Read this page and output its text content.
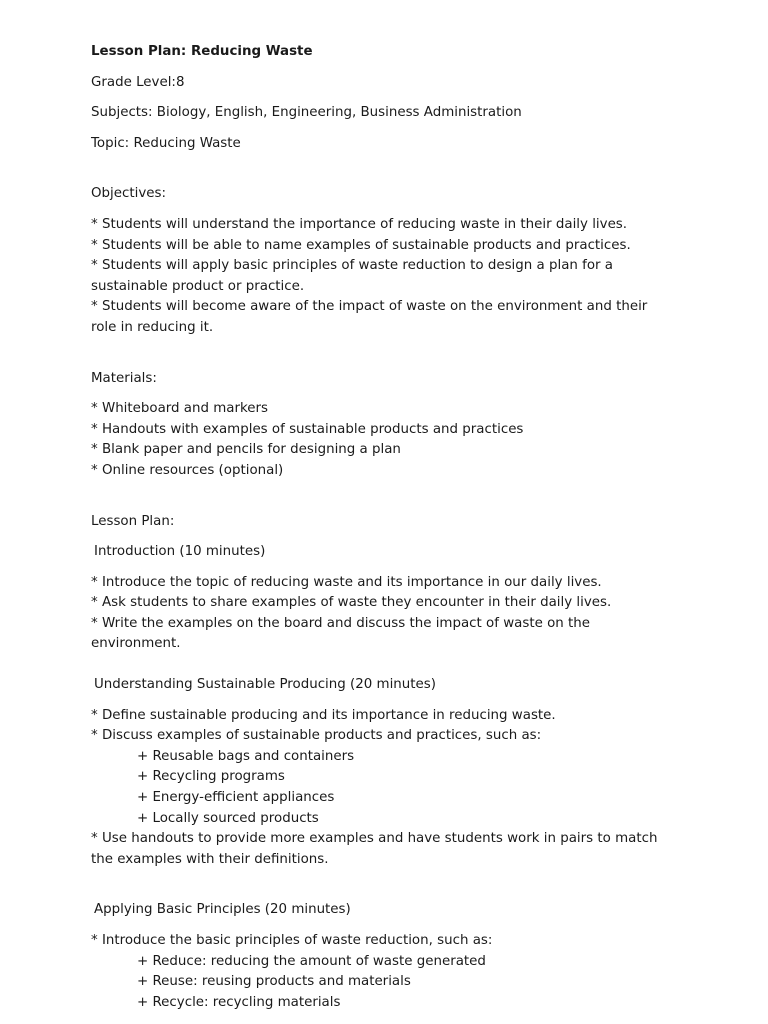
Lesson Plan: Reducing Waste

Grade Level:8

Subjects: Biology, English, Engineering, Business Administration

Topic: Reducing Waste

Objectives:

* Students will understand the importance of reducing waste in their daily lives.

* Students will be able to name examples of sustainable products and practices.

* Students will apply basic principles of waste reduction to design a plan for a sustainable product or practice.

* Students will become aware of the impact of waste on the environment and their role in reducing it.

Materials:

* Whiteboard and markers

* Handouts with examples of sustainable products and practices

* Blank paper and pencils for designing a plan

* Online resources (optional)

Lesson Plan:

Introduction (10 minutes)

* Introduce the topic of reducing waste and its importance in our daily lives.

* Ask students to share examples of waste they encounter in their daily lives.

* Write the examples on the board and discuss the impact of waste on the environment.

Understanding Sustainable Producing (20 minutes)

* Define sustainable producing and its importance in reducing waste.

* Discuss examples of sustainable products and practices, such as:

+ Reusable bags and containers

+ Recycling programs

+ Energy-efficient appliances

+ Locally sourced products

* Use handouts to provide more examples and have students work in pairs to match the examples with their definitions.

Applying Basic Principles (20 minutes)

* Introduce the basic principles of waste reduction, such as:

+ Reduce: reducing the amount of waste generated

+ Reuse: reusing products and materials

+ Recycle: recycling materials
